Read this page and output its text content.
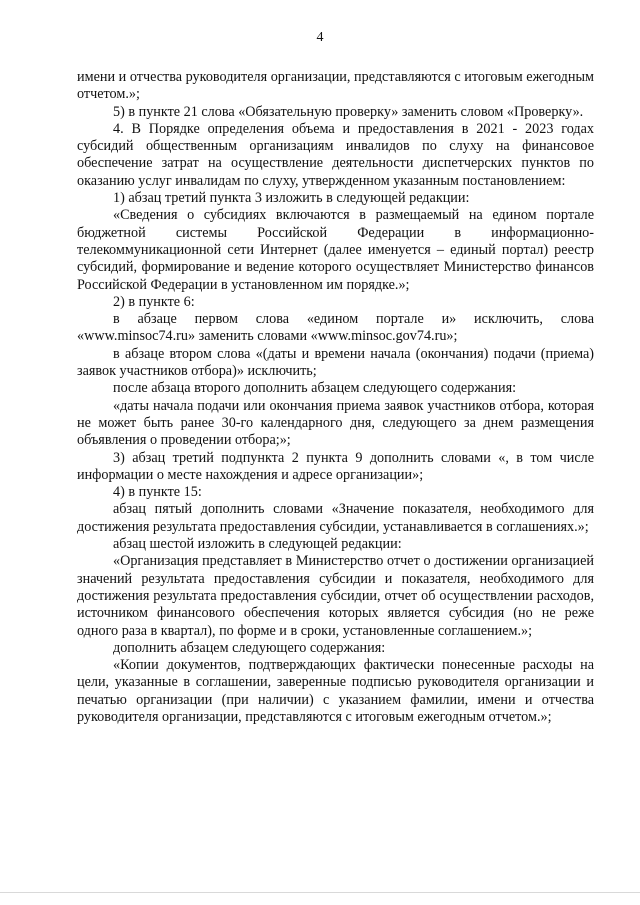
4

имени и отчества руководителя организации, представляются с итоговым ежегодным отчетом.»;

5) в пункте 21 слова «Обязательную проверку» заменить словом «Проверку».

4. В Порядке определения объема и предоставления в 2021 - 2023 годах субсидий общественным организациям инвалидов по слуху на финансовое обеспечение затрат на осуществление деятельности диспетчерских пунктов по оказанию услуг инвалидам по слуху, утвержденном указанным постановлением:

1) абзац третий пункта 3 изложить в следующей редакции:

«Сведения о субсидиях включаются в размещаемый на едином портале бюджетной системы Российской Федерации в информационно-телекоммуникационной сети Интернет (далее именуется – единый портал) реестр субсидий, формирование и ведение которого осуществляет Министерство финансов Российской Федерации в установленном им порядке.»;

2) в пункте 6:

в абзаце первом слова «едином портале и» исключить, слова «www.minsoc74.ru» заменить словами «www.minsoc.gov74.ru»;

в абзаце втором слова «(даты и времени начала (окончания) подачи (приема) заявок участников отбора)» исключить;

после абзаца второго дополнить абзацем следующего содержания:

«даты начала подачи или окончания приема заявок участников отбора, которая не может быть ранее 30-го календарного дня, следующего за днем размещения объявления о проведении отбора;»;

3) абзац третий подпункта 2 пункта 9 дополнить словами «, в том числе информации о месте нахождения и адресе организации»;

4) в пункте 15:

абзац пятый дополнить словами «Значение показателя, необходимого для достижения результата предоставления субсидии, устанавливается в соглашениях.»;

абзац шестой изложить в следующей редакции:

«Организация представляет в Министерство отчет о достижении организацией значений результата предоставления субсидии и показателя, необходимого для достижения результата предоставления субсидии, отчет об осуществлении расходов, источником финансового обеспечения которых является субсидия (но не реже одного раза в квартал), по форме и в сроки, установленные соглашением.»;

дополнить абзацем следующего содержания:

«Копии документов, подтверждающих фактически понесенные расходы на цели, указанные в соглашении, заверенные подписью руководителя организации и печатью организации (при наличии) с указанием фамилии, имени и отчества руководителя организации, представляются с итоговым ежегодным отчетом.»;
